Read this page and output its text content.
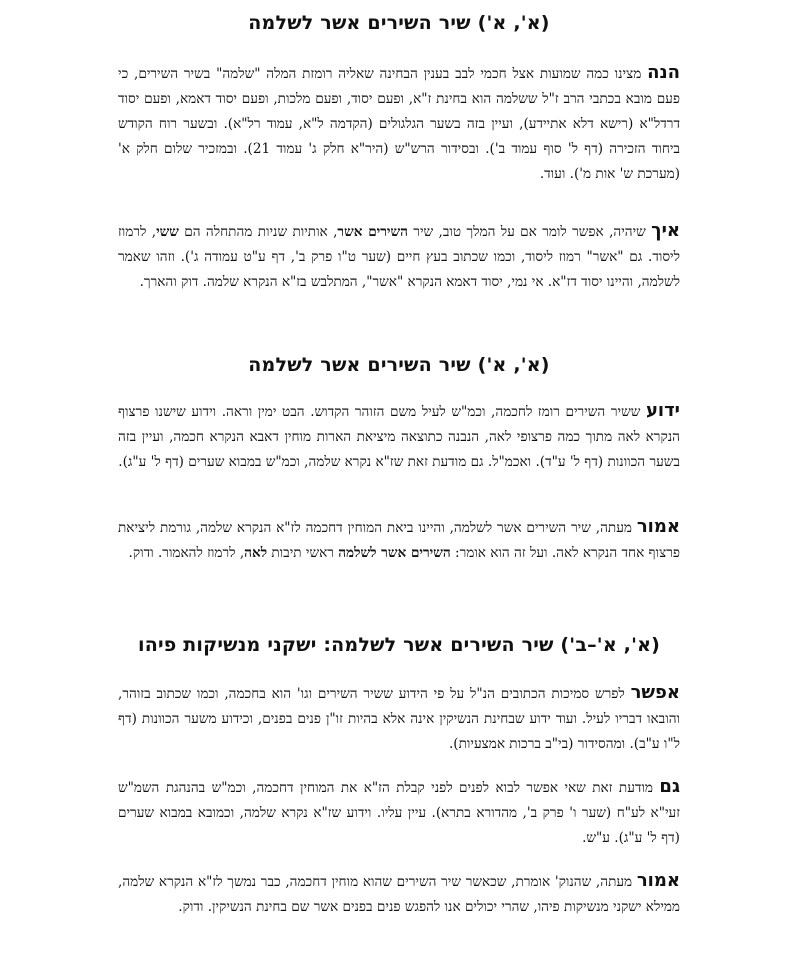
(א', א') שיר השירים אשר לשלמה

הנה מצינו כמה שמועות אצל חכמי לבב בענין הבחינה שאליה רומזת המלה "שלמה" בשיר השירים, כי פעם מובא בכתבי הרב ז"ל ששלמה הוא בחינת ז"א, ופעם יסוד, ופעם מלכות, ופעם יסוד דאמא, ופעם יסוד דרדל"א (רישא דלא אתיידע), ועיין בזה בשער הגלגולים (הקדמה ל"א, עמוד רל"א). ובשער רוח הקודש ביחוד הזכירה (דף ל' סוף עמוד ב'). ובסידור הרש"ש (היר"א חלק ג' עמוד 21). ובמזכיר שלום חלק א' (מערכת ש' אות מ'). ועוד.

איך שיהיה, אפשר לומר אם על המלך טוב, שיר השירים אשר, אותיות שניות מהתחלה הם ששי, לרמוז ליסוד. גם "אשר" רמוז ליסוד, וכמו שכתוב בעץ חיים (שער ט"ו פרק ב', דף ע"ט עמודה ג'). וזהו שאמר לשלמה, והיינו יסוד דז"א. אי נמי, יסוד דאמא הנקרא "אשר", המתלבש בז"א הנקרא שלמה. דוק והארך.

(א', א') שיר השירים אשר לשלמה

ידוע ששיר השירים רומז לחכמה, וכמ"ש לעיל משם הזוהר הקדוש. הבט ימין וראה. וידוע שישנו פרצוף הנקרא לאה מתוך כמה פרצופי לאה, הנבנה כתוצאה מיציאת הארות מוחין דאבא הנקרא חכמה, ועיין בזה בשער הכוונות (דף ל' ע"ד). ואכמ"ל. גם מודעת זאת שז"א נקרא שלמה, וכמ"ש במבוא שערים (דף ל' ע"ג).

אמור מעתה, שיר השירים אשר לשלמה, והיינו ביאת המוחין דחכמה לז"א הנקרא שלמה, גורמת ליציאת פרצוף אחד הנקרא לאה. ועל זה הוא אומר: השירים אשר לשלמה ראשי תיבות לאה, לרמוז להאמור. ודוק.

(א', א'–ב') שיר השירים אשר לשלמה: ישקני מנשיקות פיהו

אפשר לפרש סמיכות הכתובים הנ"ל על פי הידוע ששיר השירים וגו' הוא בחכמה, וכמו שכתוב בזוהר, והובאו דבריו לעיל. ועוד ידוע שבחינת הנשיקין אינה אלא בהיות זו"ן פנים בפנים, וכידוע משער הכוונות (דף ל"ו ע"ב). ומהסידור (בי"ב ברכות אמצעיות).

גם מודעת זאת שאי אפשר לבוא לפנים לפני קבלת הז"א את המוחין דחכמה, וכמ"ש בהנהגת השמ"ש זעי"א לע"ח (שער ו' פרק ב', מהדורא בתרא). עיין עליו. וידוע שז"א נקרא שלמה, וכמובא במבוא שערים (דף ל' ע"ג). ע"ש.

אמור מעתה, שהנוק' אומרת, שכאשר שיר השירים שהוא מוחין דחכמה, כבר נמשך לז"א הנקרא שלמה, ממילא ישקני מנשיקות פיהו, שהרי יכולים אנו להפגש פנים בפנים אשר שם בחינת הנשיקין. ודוק.
